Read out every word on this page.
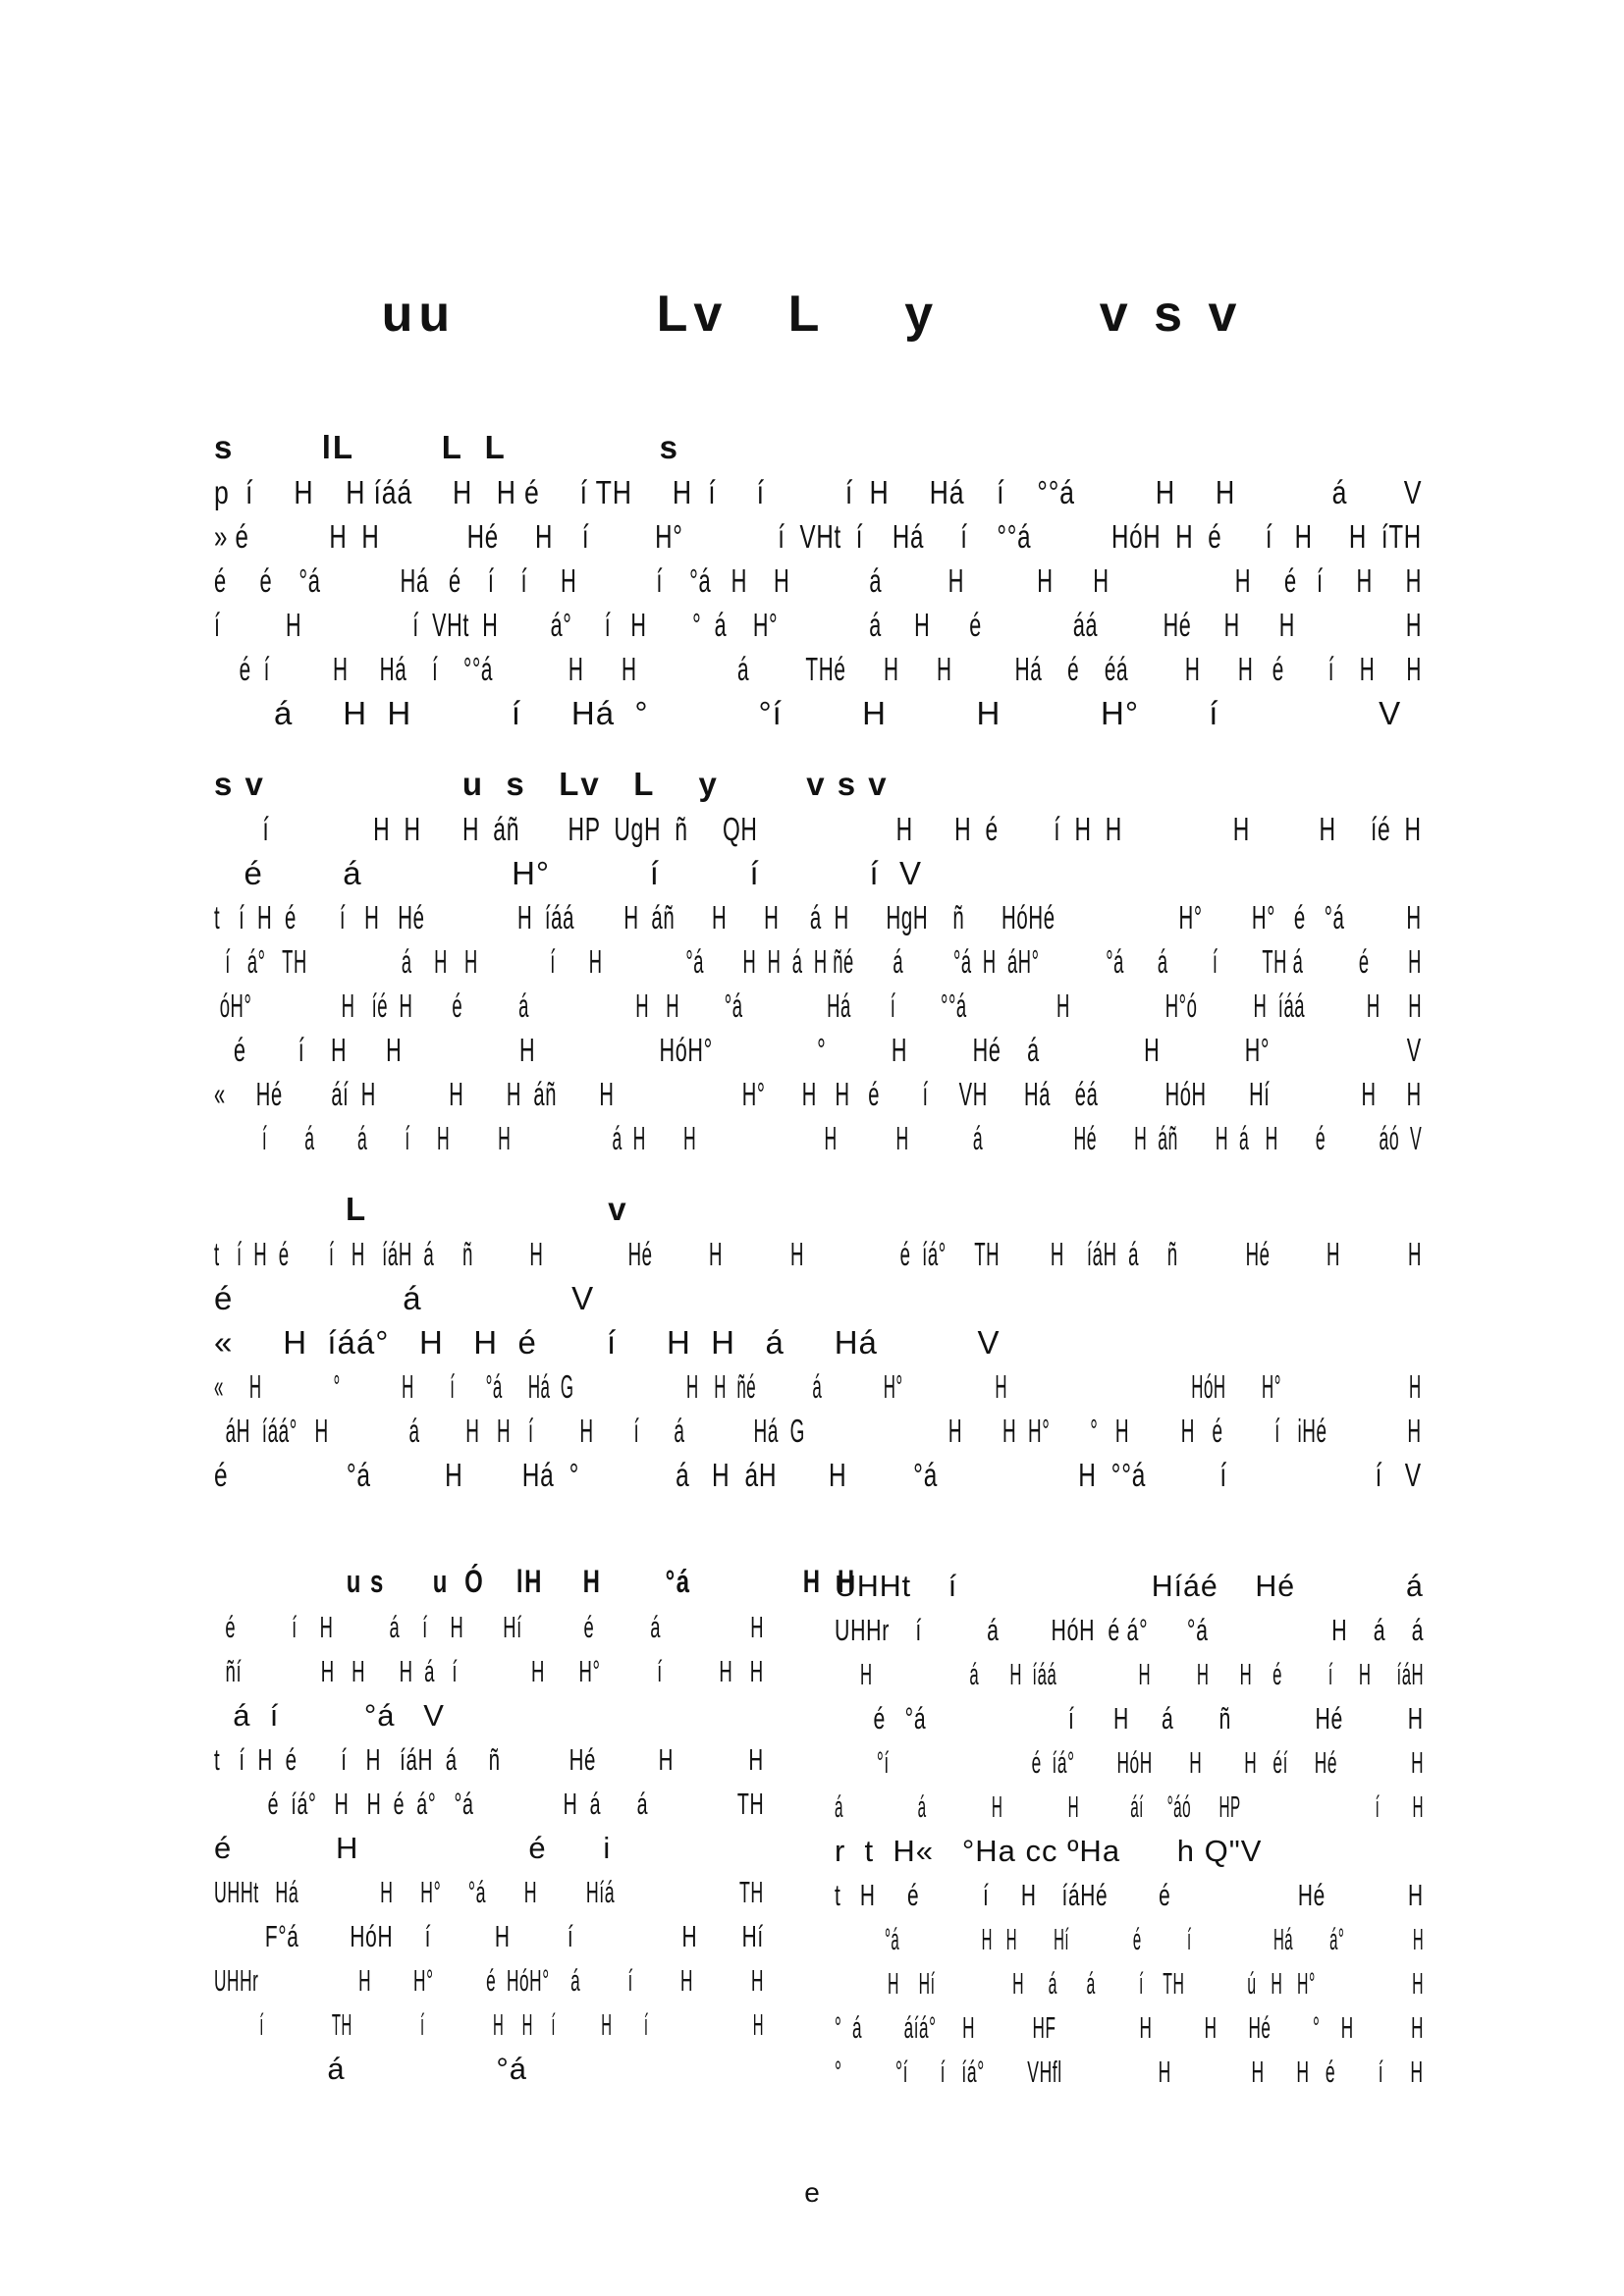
uu          Lv   L    y        v s v
s        lL        L  L              s
p  í     H    H íáá     H   H é     í TH     H  í     í          í  H     Há    í    °°á          H     H            á       V
» é           H  H            Hé     H    í         H°             í  VHt  í    Há     í    °°á           HóH  H  é      í   H     H  íTH
é     é    °á            Há   é    í    í     H            í    °á   H    H            á          H           H      H                   H     é   í     H     H
í          H                 í  VHt  H        á°     í   H       °  á    H°              á     H      é              áá          Hé     H      H                 H
é  í          H     Há    í    °°á            H      H                á         THé      H      H          Há    é    éá         H      H   é       í    H     H
á     H  H          í     Há  °           °í        H         H          H°       í                V
s v                  u  s   Lv   L    y        v s v
í               H  H      H  áñ       HP  UgH  ñ     QH                    H      H  é        í  H  H                H          H     íé  H
é        á               H°          í         í           í  V
t   í  H  é       í   H   Hé               H  íáá        H  áñ      H      H     á  H      HgH    ñ      HóHé                    H°        H°   é   °á          H
í   á°   TH                 á    H   H             í      H               °á       H  H  á  H ñé       á         °á  H  áH°            °á      á        í        TH á          é       H
óH°                H   íé  H       é          á                   H   H        °á               Há       í        °°á                H                 H°ó          H  íáá           H     H
é        í    H      H                  H                   HóH°                °          H          Hé    á                H             H°                     V
«     Hé        áí  H            H       H  áñ       H                     H°      H   H   é       í     VH      Há    éá           HóH       Hí               H     H
í       á        á       í     H         H                   á  H       H                        H           H            á                 Hé       H  áñ       H  á   H       é          áó  V
L                      v
t   í  H  é       í   H   íáH  á     ñ          H               Hé          H            H                 é  íá°     TH         H    íáH  á     ñ            Hé          H            H
é                 á               V
«     H  íáá°   H   H  é       í     H  H   á     Há          V
«     H              °            H       í      °á     Há  G                      H   H  ñé           á            H°                  H                                    HóH       H°                         H
áH  íáá°   H              á        H   H   í        H       í      á            Há  G                         H       H  H°       °   H         H   é         í   iHé              H
é                °á          H        Há  °             á   H  áH       H         °á                   H  °°á          í                    í   V
u s      u  Ó    lH     H        °á              H  H
é          í    H          á    í    H       Hí           é          á                H
ñí              H   H      H  á   í             H      H°          í          H   H
á  í         °á   V
t   í  H  é       í   H   íáH  á     ñ           Hé          H            H
é  íá°   H   H  é  á°   °á               H  á      á               TH
é           H                  é      i
UHHt   Há               H     H°     °á       H         Híá                       TH
F°á        HóH     í          H         í                 H       Hí
UHHr                   H        H°          é  HóH°    á         í         H           H
í               TH               í               H    H    í          H       í                       H
á                °á
UHHt    í                     Híáé    Hé            á
UHHr    í          á        HóH  é á°      °á                   H    á    á
H                   á      H  íáá                H         H      H    é         í     H     íáH
é   °á                      í      H     á       ñ             Hé          H
°í                           é  íá°        HóH       H        H   éí     Hé              H
á                á              H              H           áí     °áó      HP                             í       H
r  t  H«   °Ha cc ºHa      h Q"V
t   H     é          í     H    íáHé        é                    Hé             H
°á                  H   H        Hí              é          í                  Há        á°               H
H    Hí                H     á      á         í    TH             ú   H   H°                    H
°  á        áíá°     H           HF                H          H      Hé        °    H           H
°          °í      í   íá°        VHfl                  H               H      H   é        í     H
e
